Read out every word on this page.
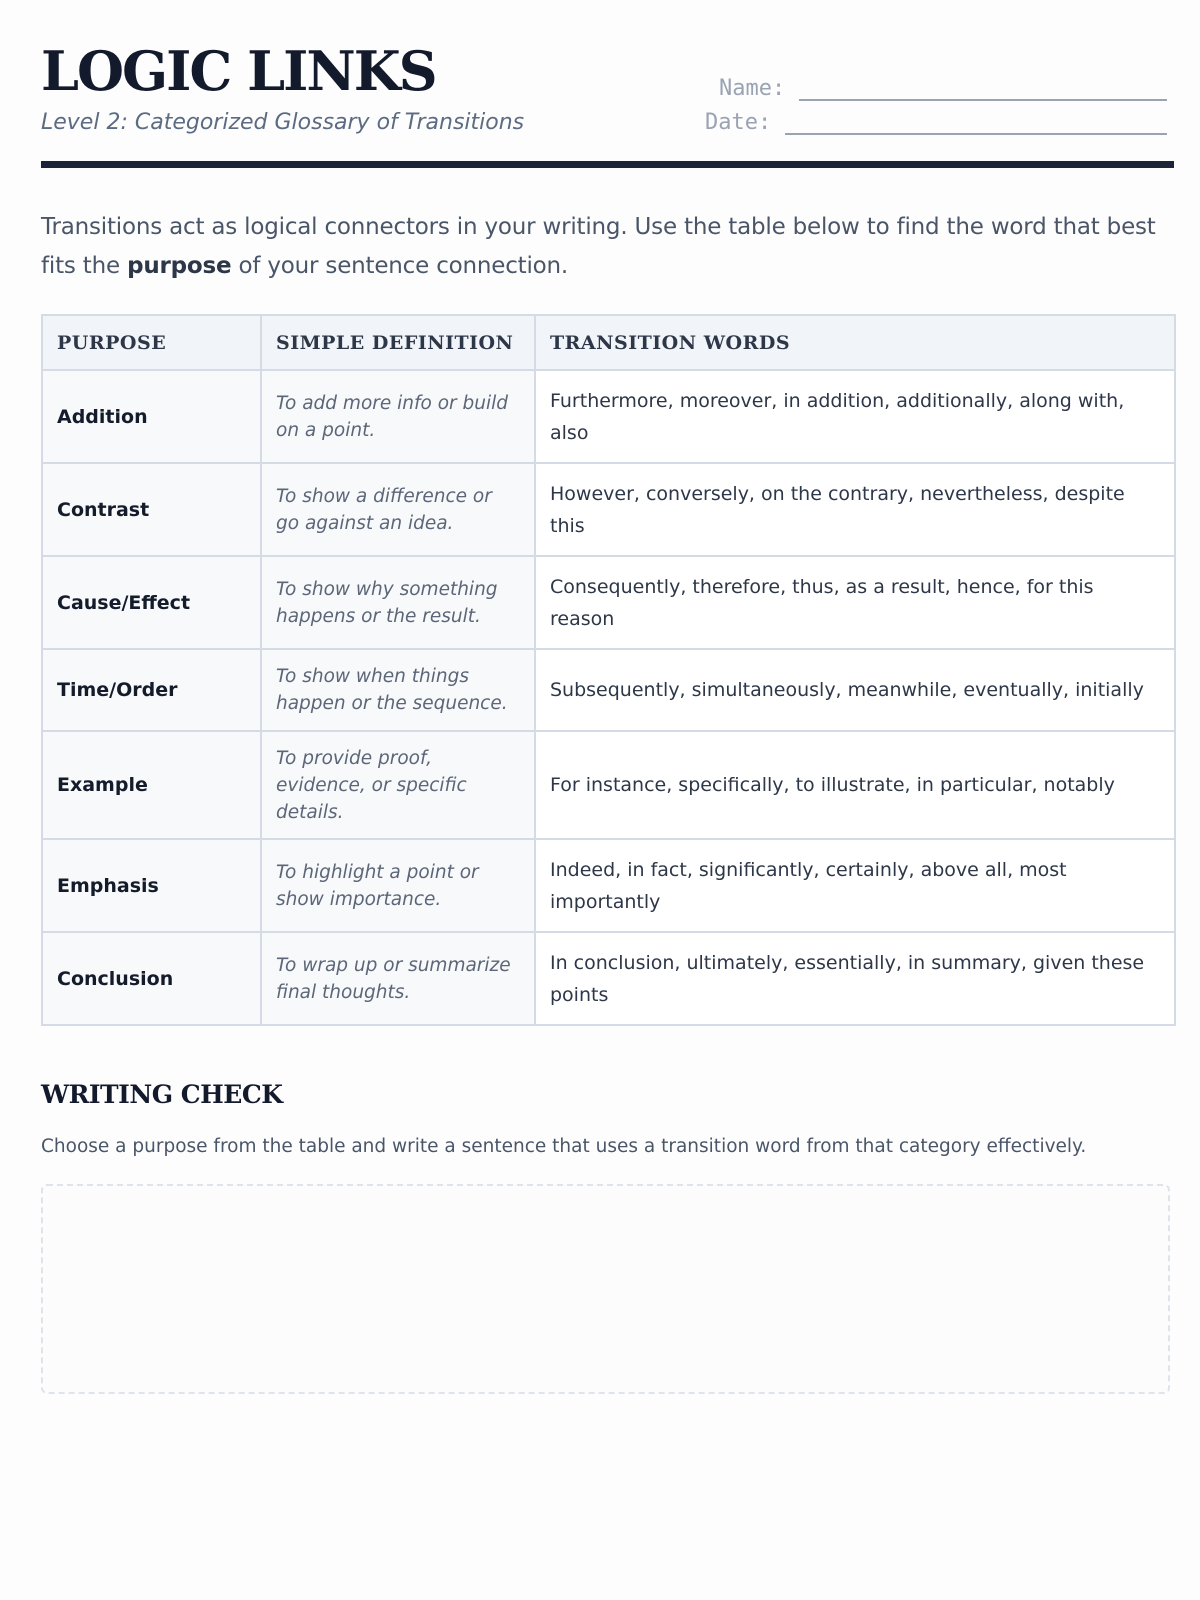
LOGIC LINKS
Level 2: Categorized Glossary of Transitions
Name:
Date:

Transitions act as logical connectors in your writing. Use the table below to find the word that best fits the purpose of your sentence connection.

PURPOSE	SIMPLE DEFINITION	TRANSITION WORDS
Addition	To add more info or build on a point.	Furthermore, moreover, in addition, additionally, along with, also
Contrast	To show a difference or go against an idea.	However, conversely, on the contrary, nevertheless, despite this
Cause/Effect	To show why something happens or the result.	Consequently, therefore, thus, as a result, hence, for this reason
Time/Order	To show when things happen or the sequence.	Subsequently, simultaneously, meanwhile, eventually, initially
Example	To provide proof, evidence, or specific details.	For instance, specifically, to illustrate, in particular, notably
Emphasis	To highlight a point or show importance.	Indeed, in fact, significantly, certainly, above all, most importantly
Conclusion	To wrap up or summarize final thoughts.	In conclusion, ultimately, essentially, in summary, given these points
WRITING CHECK
Choose a purpose from the table and write a sentence that uses a transition word from that category effectively.
